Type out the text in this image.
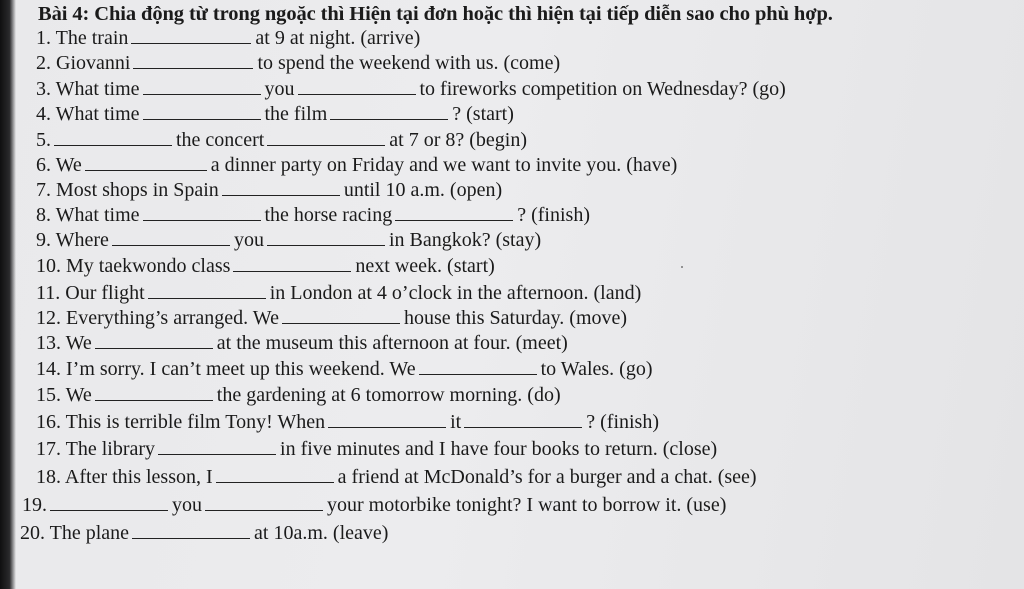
Bài 4: Chia động từ trong ngoặc thì Hiện tại đơn hoặc thì hiện tại tiếp diễn sao cho phù hợp.
1. The train	at 9 at night. (arrive)
2. Giovanni	to spend the weekend with us. (come)
3. What time	you	to fireworks competition on Wednesday? (go)
4. What time	the film	? (start)
5.	the concert	at 7 or 8? (begin)
6. We	a dinner party on Friday and we want to invite you. (have)
7. Most shops in Spain	until 10 a.m. (open)
8. What time	the horse racing	? (finish)
9. Where	you	in Bangkok? (stay)
10. My taekwondo class	next week. (start)
11. Our flight	in London at 4 o’clock in the afternoon. (land)
12. Everything’s arranged. We	house this Saturday. (move)
13. We	at the museum this afternoon at four. (meet)
14. I’m sorry. I can’t meet up this weekend. We	to Wales. (go)
15. We	the gardening at 6 tomorrow morning. (do)
16. This is terrible film Tony! When	it	? (finish)
17. The library	in five minutes and I have four books to return. (close)
18. After this lesson, I	a friend at McDonald’s for a burger and a chat. (see)
19.	you	your motorbike tonight? I want to borrow it. (use)
20. The plane	at 10a.m. (leave)
